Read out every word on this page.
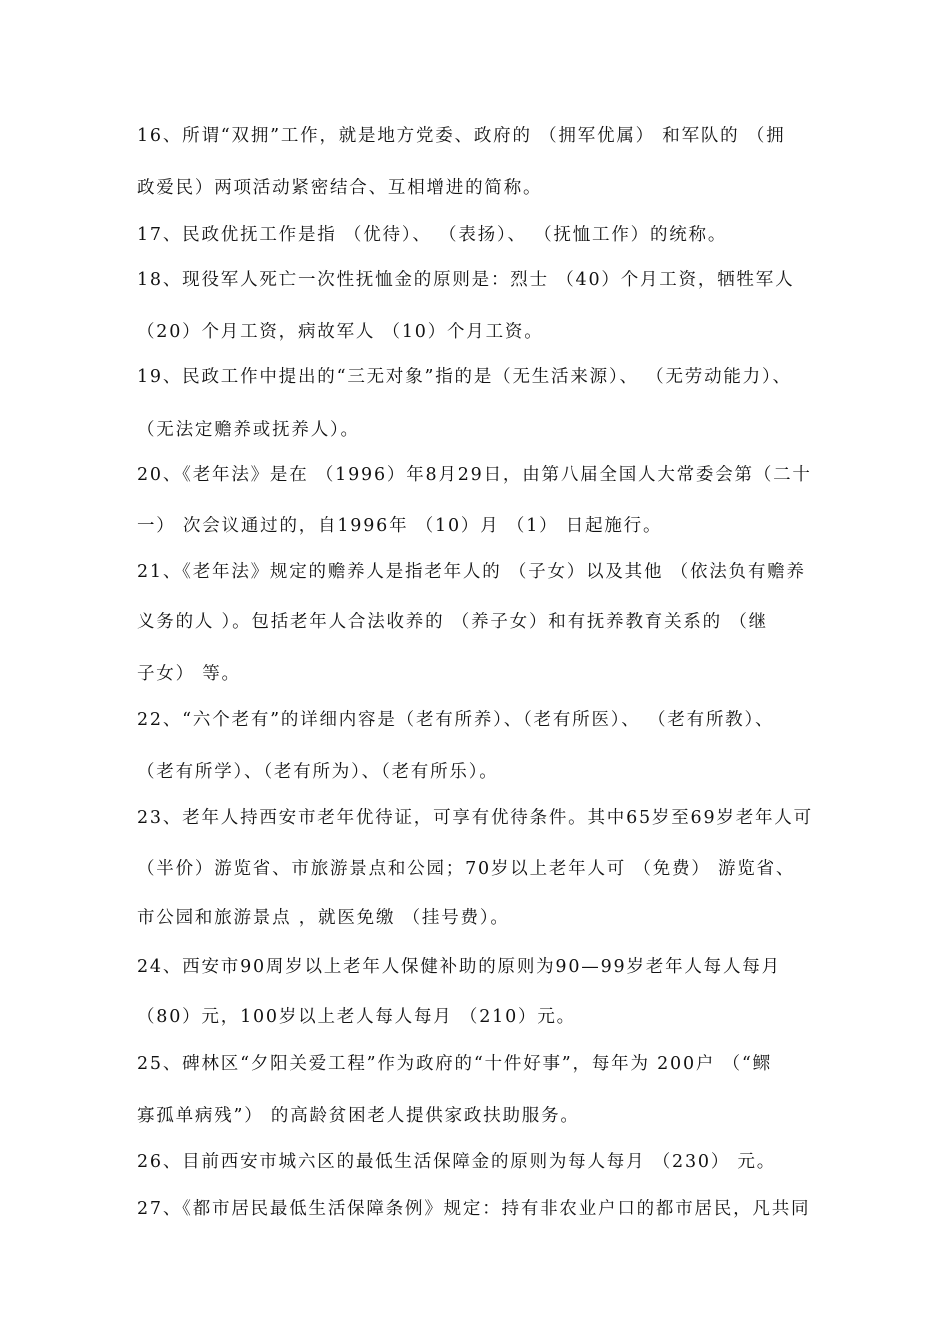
16、所谓“双拥”工作，就是地方党委、政府的 （拥军优属） 和军队的 （拥
政爱民）两项活动紧密结合、互相增进的简称。
17、民政优抚工作是指 （优待）、 （表扬）、 （抚恤工作）的统称。
18、现役军人死亡一次性抚恤金的原则是：烈士 （40）个月工资，牺牲军人
（20）个月工资，病故军人 （10）个月工资。
19、民政工作中提出的“三无对象”指的是（无生活来源）、 （无劳动能力）、
（无法定赡养或抚养人）。
20、《老年法》是在 （1996）年8月29日，由第八届全国人大常委会第（二十
一） 次会议通过的，自1996年 （10）月 （1） 日起施行。
21、《老年法》规定的赡养人是指老年人的 （子女）以及其他 （依法负有赡养
义务的人 ）。包括老年人合法收养的 （养子女）和有抚养教育关系的 （继
子女） 等。
22、“六个老有”的详细内容是（老有所养）、（老有所医）、 （老有所教）、
（老有所学）、（老有所为）、（老有所乐）。
23、老年人持西安市老年优待证，可享有优待条件。其中65岁至69岁老年人可
（半价）游览省、市旅游景点和公园；70岁以上老年人可 （免费） 游览省、
市公园和旅游景点 ，就医免缴 （挂号费）。
24、西安市90周岁以上老年人保健补助的原则为90—99岁老年人每人每月
（80）元，100岁以上老人每人每月 （210）元。
25、碑林区“夕阳关爱工程”作为政府的“十件好事”，每年为 200户 （“鳏
寡孤单病残”） 的高龄贫困老人提供家政扶助服务。
26、目前西安市城六区的最低生活保障金的原则为每人每月 （230） 元。
27、《都市居民最低生活保障条例》规定：持有非农业户口的都市居民，凡共同
